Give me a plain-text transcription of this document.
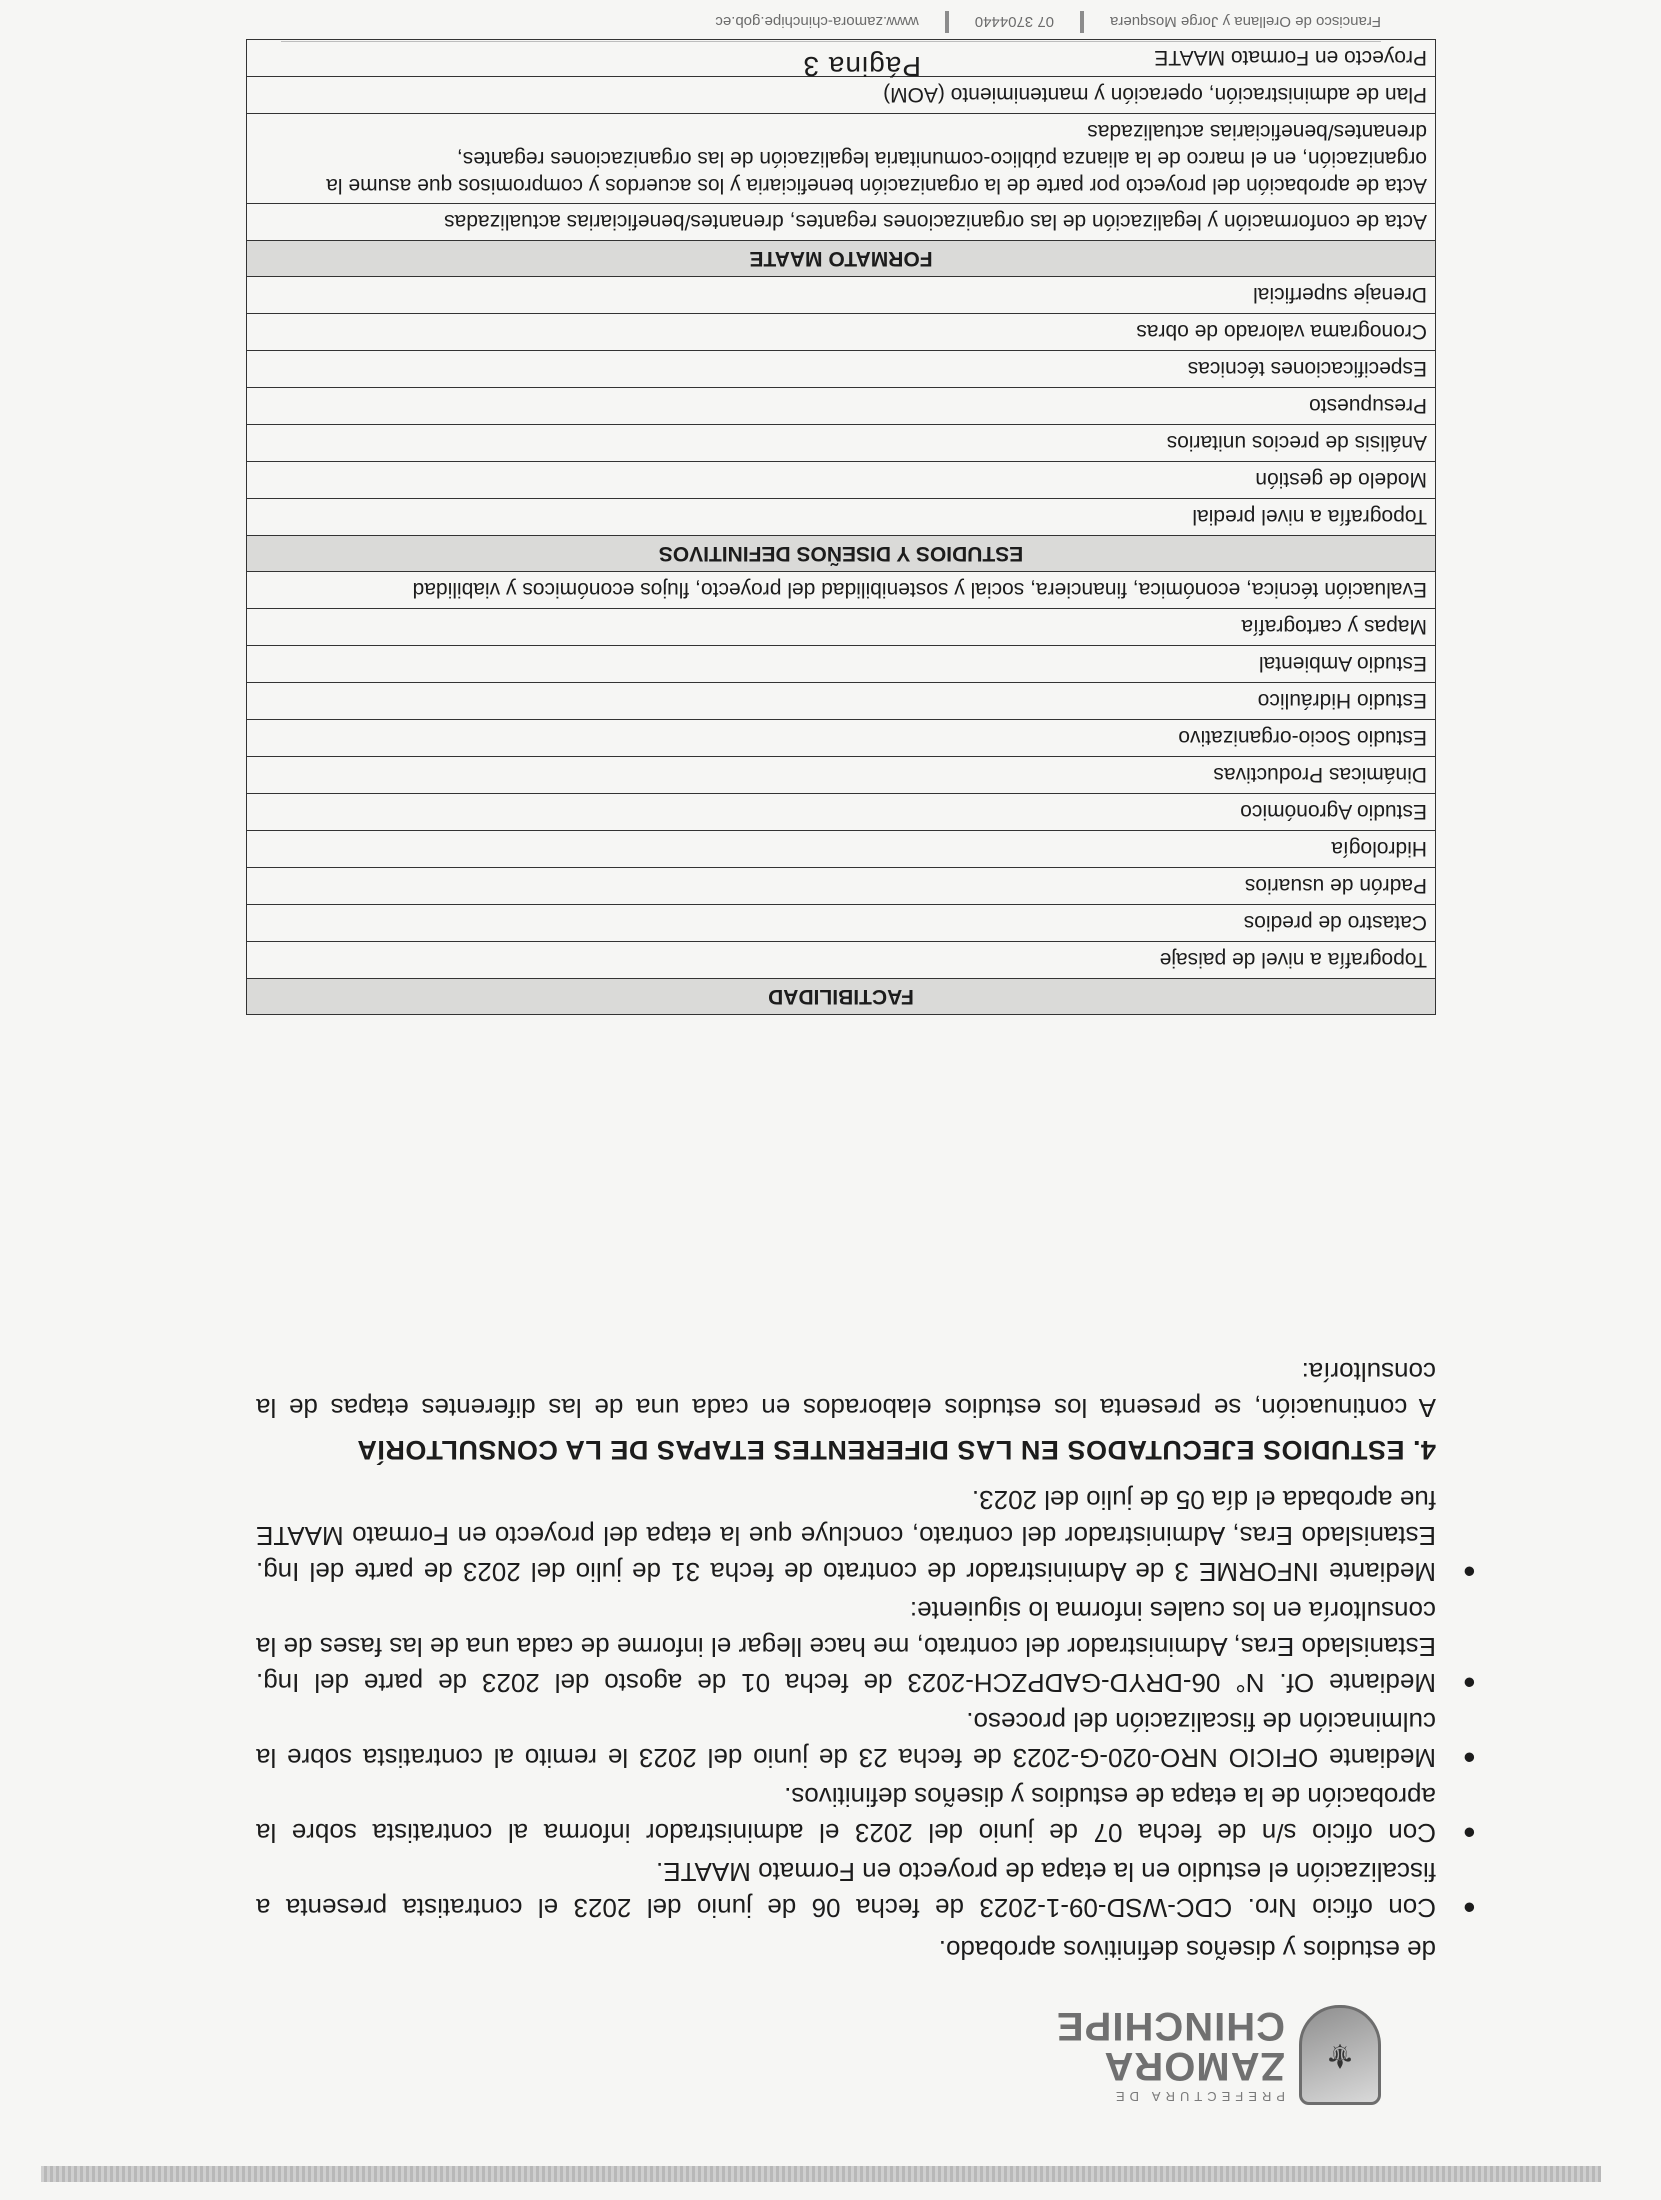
⚜
PREFECTURA DE
ZAMORA
CHINCHIPE

de estudios y diseños definitivos aprobado.

●
Con oficio Nro. CDC-WSD-09-1-2023 de fecha 06 de junio del 2023 el contratista presenta a fiscalización el estudio en la etapa de proyecto en Formato MAATE.
●
Con oficio s/n de fecha 07 de junio del 2023 el administrador informa al contratista sobre la aprobación de la etapa de estudios y diseños definitivos.
●
Mediante OFICIO NRO-020-G-2023 de fecha 23 de junio del 2023 le remito al contratista sobre la culminación de fiscalización del proceso.
●
Mediante Of. N° 06-DRYD-GADPZCH-2023 de fecha 01 de agosto del 2023 de parte del Ing. Estanislado Eras, Administrador del contrato, me hace llegar el informe de cada una de las fases de la consultoría en los cuales informa lo siguiente:
●
Mediante INFORME 3 de Administrador de contrato de fecha 31 de julio del 2023 de parte del Ing. Estanislado Eras, Administrador del contrato, concluye que la etapa del proyecto en Formato MAATE fue aprobada el día 05 de julio del 2023.

4. ESTUDIOS EJECUTADOS EN LAS DIFERENTES ETAPAS DE LA CONSULTORÍA

A continuación, se presenta los estudios elaborados en cada una de las diferentes etapas de la consultoría:

FACTIBILIDAD
Topografía a nivel de paisaje
Catastro de predios
Padrón de usuarios
Hidrología
Estudio Agronómico
Dinámicas Productivas
Estudio Socio-organizativo
Estudio Hidráulico
Estudio Ambiental
Mapas y cartografía
Evaluación técnica, económica, financiera, social y sostenibilidad del proyecto, flujos económicos y viabilidad
ESTUDIOS Y DISEÑOS DEFINITIVOS
Topografía a nivel predial
Modelo de gestión
Análisis de precios unitarios
Presupuesto
Especificaciones técnicas
Cronograma valorado de obras
Drenaje superficial
FORMATO MAATE
Acta de conformación y legalización de las organizaciones regantes, drenantes/beneficiarias actualizadas
Acta de aprobación del proyecto por parte de la organización beneficiaria y los acuerdos y compromisos que asume la organización, en el marco de la alianza público-comunitaria legalización de las organizaciones regantes, drenantes/beneficiarias actualizadas
Plan de administración, operación y mantenimiento (AOM)
Proyecto en Formato MAATE
Página 3
Francisco de Orellana y Jorge Mosquera
07 3704440
www.zamora-chinchipe.gob.ec
